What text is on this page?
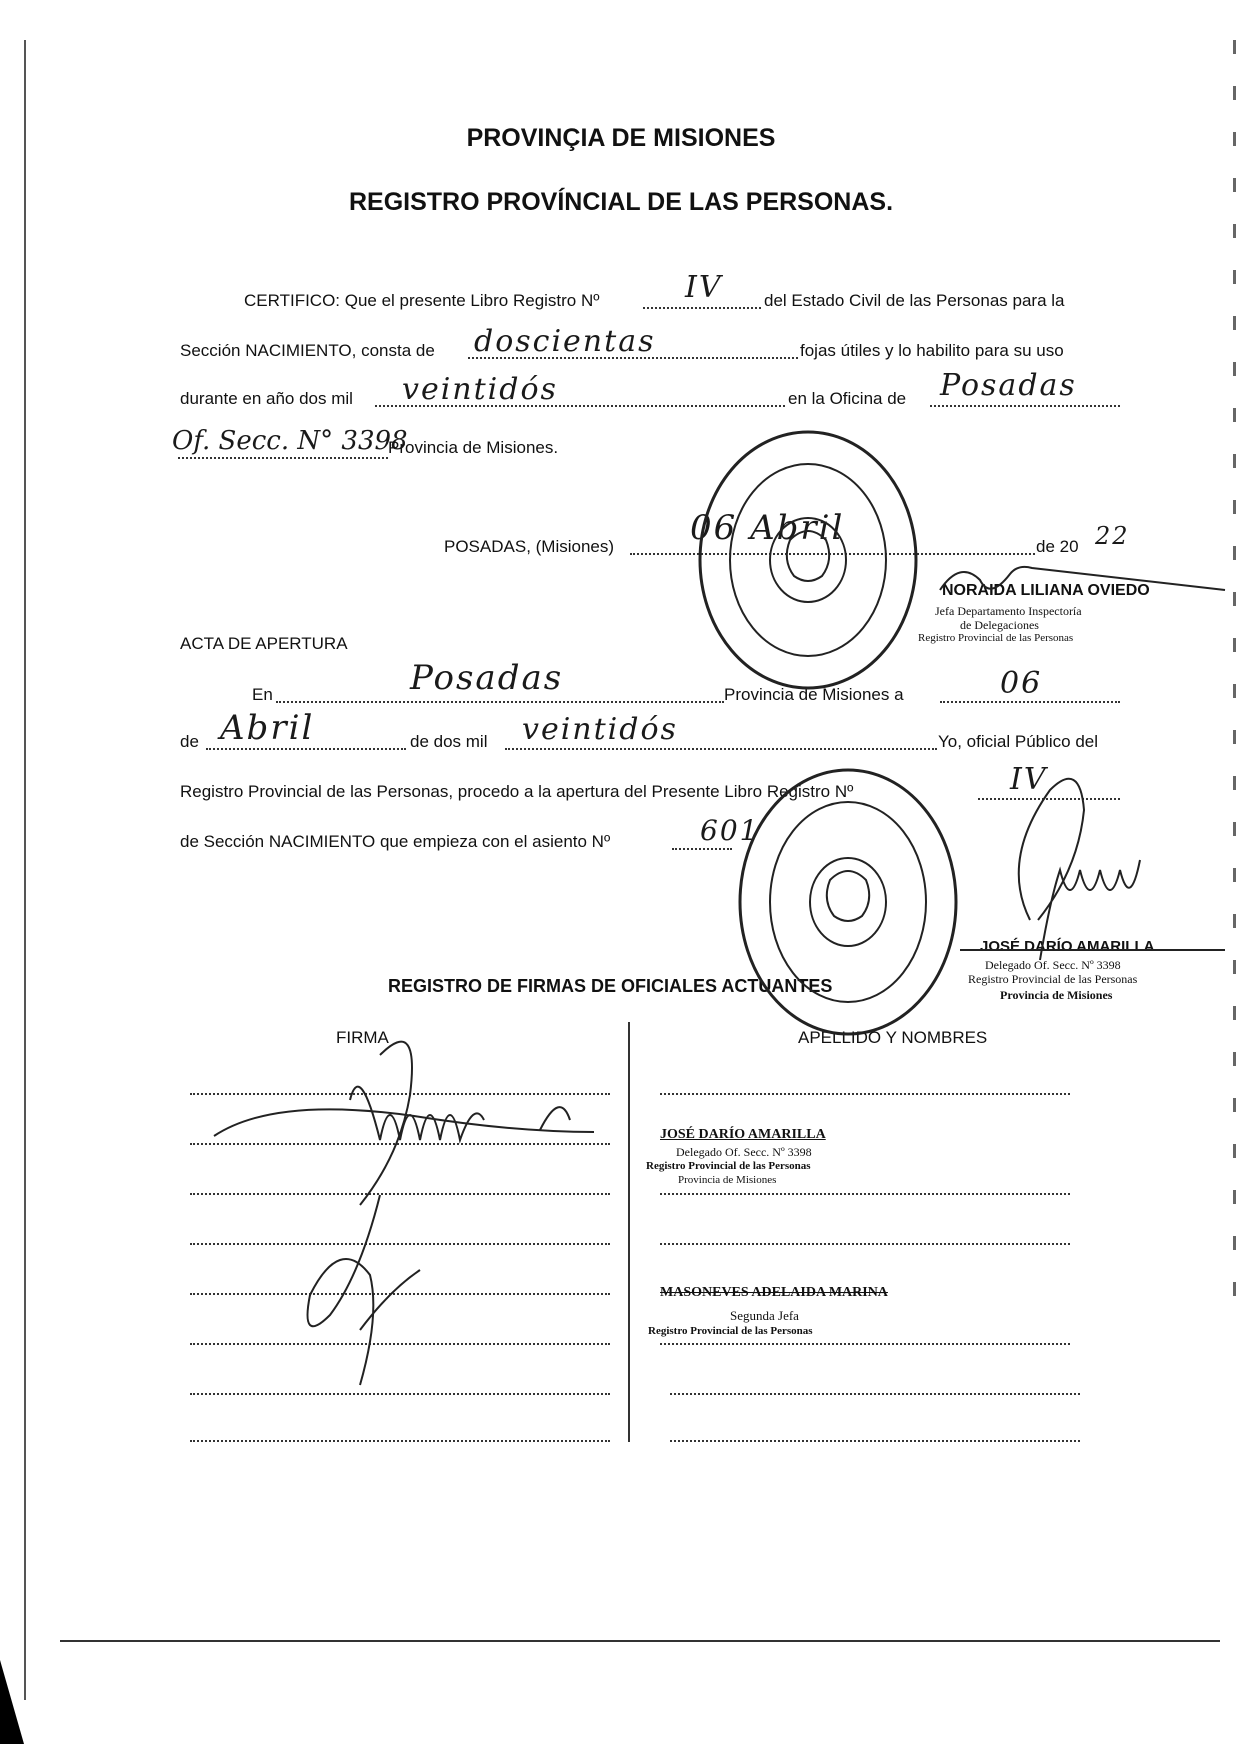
PROVINÇIA DE MISIONES
REGISTRO PROVÍNCIAL DE LAS PERSONAS.
CERTIFICO: Que el presente Libro Registro Nº	IV del Estado Civil de las Personas para la
Sección NACIMIENTO, consta de doscientas	fojas útiles y lo habilito para su uso
durante en año dos mil veintidós	en la Oficina de Posadas
Of. Secc. N° 3398
Provincia de Misiones.
POSADAS, (Misiones) 06 Abril	de 20 22
NORAIDA LILIANA OVIEDO
Jefa Departamento Inspectoría
de Delegaciones
Registro Provincial de las Personas
ACTA DE APERTURA
En	Posadas	Provincia de Misiones a	06
de Abril	de dos mil veintidós	Yo, oficial Público del
Registro Provincial de las Personas, procedo a la apertura del Presente Libro Registro Nº	IV
de Sección NACIMIENTO que empieza con el asiento Nº	601
JOSÉ DARÍO AMARILLA
Delegado Of. Secc. Nº 3398
Registro Provincial de las Personas
Provincia de Misiones
REGISTRO DE FIRMAS DE OFICIALES ACTUANTES
FIRMA	APELLIDO Y NOMBRES
JOSÉ DARÍO AMARILLA
Delegado Of. Secc. Nº 3398
Registro Provincial de las Personas
Provincia de Misiones
MASONEVES ADELAIDA MARINA
Segunda Jefa
Registro Provincial de las Personas
